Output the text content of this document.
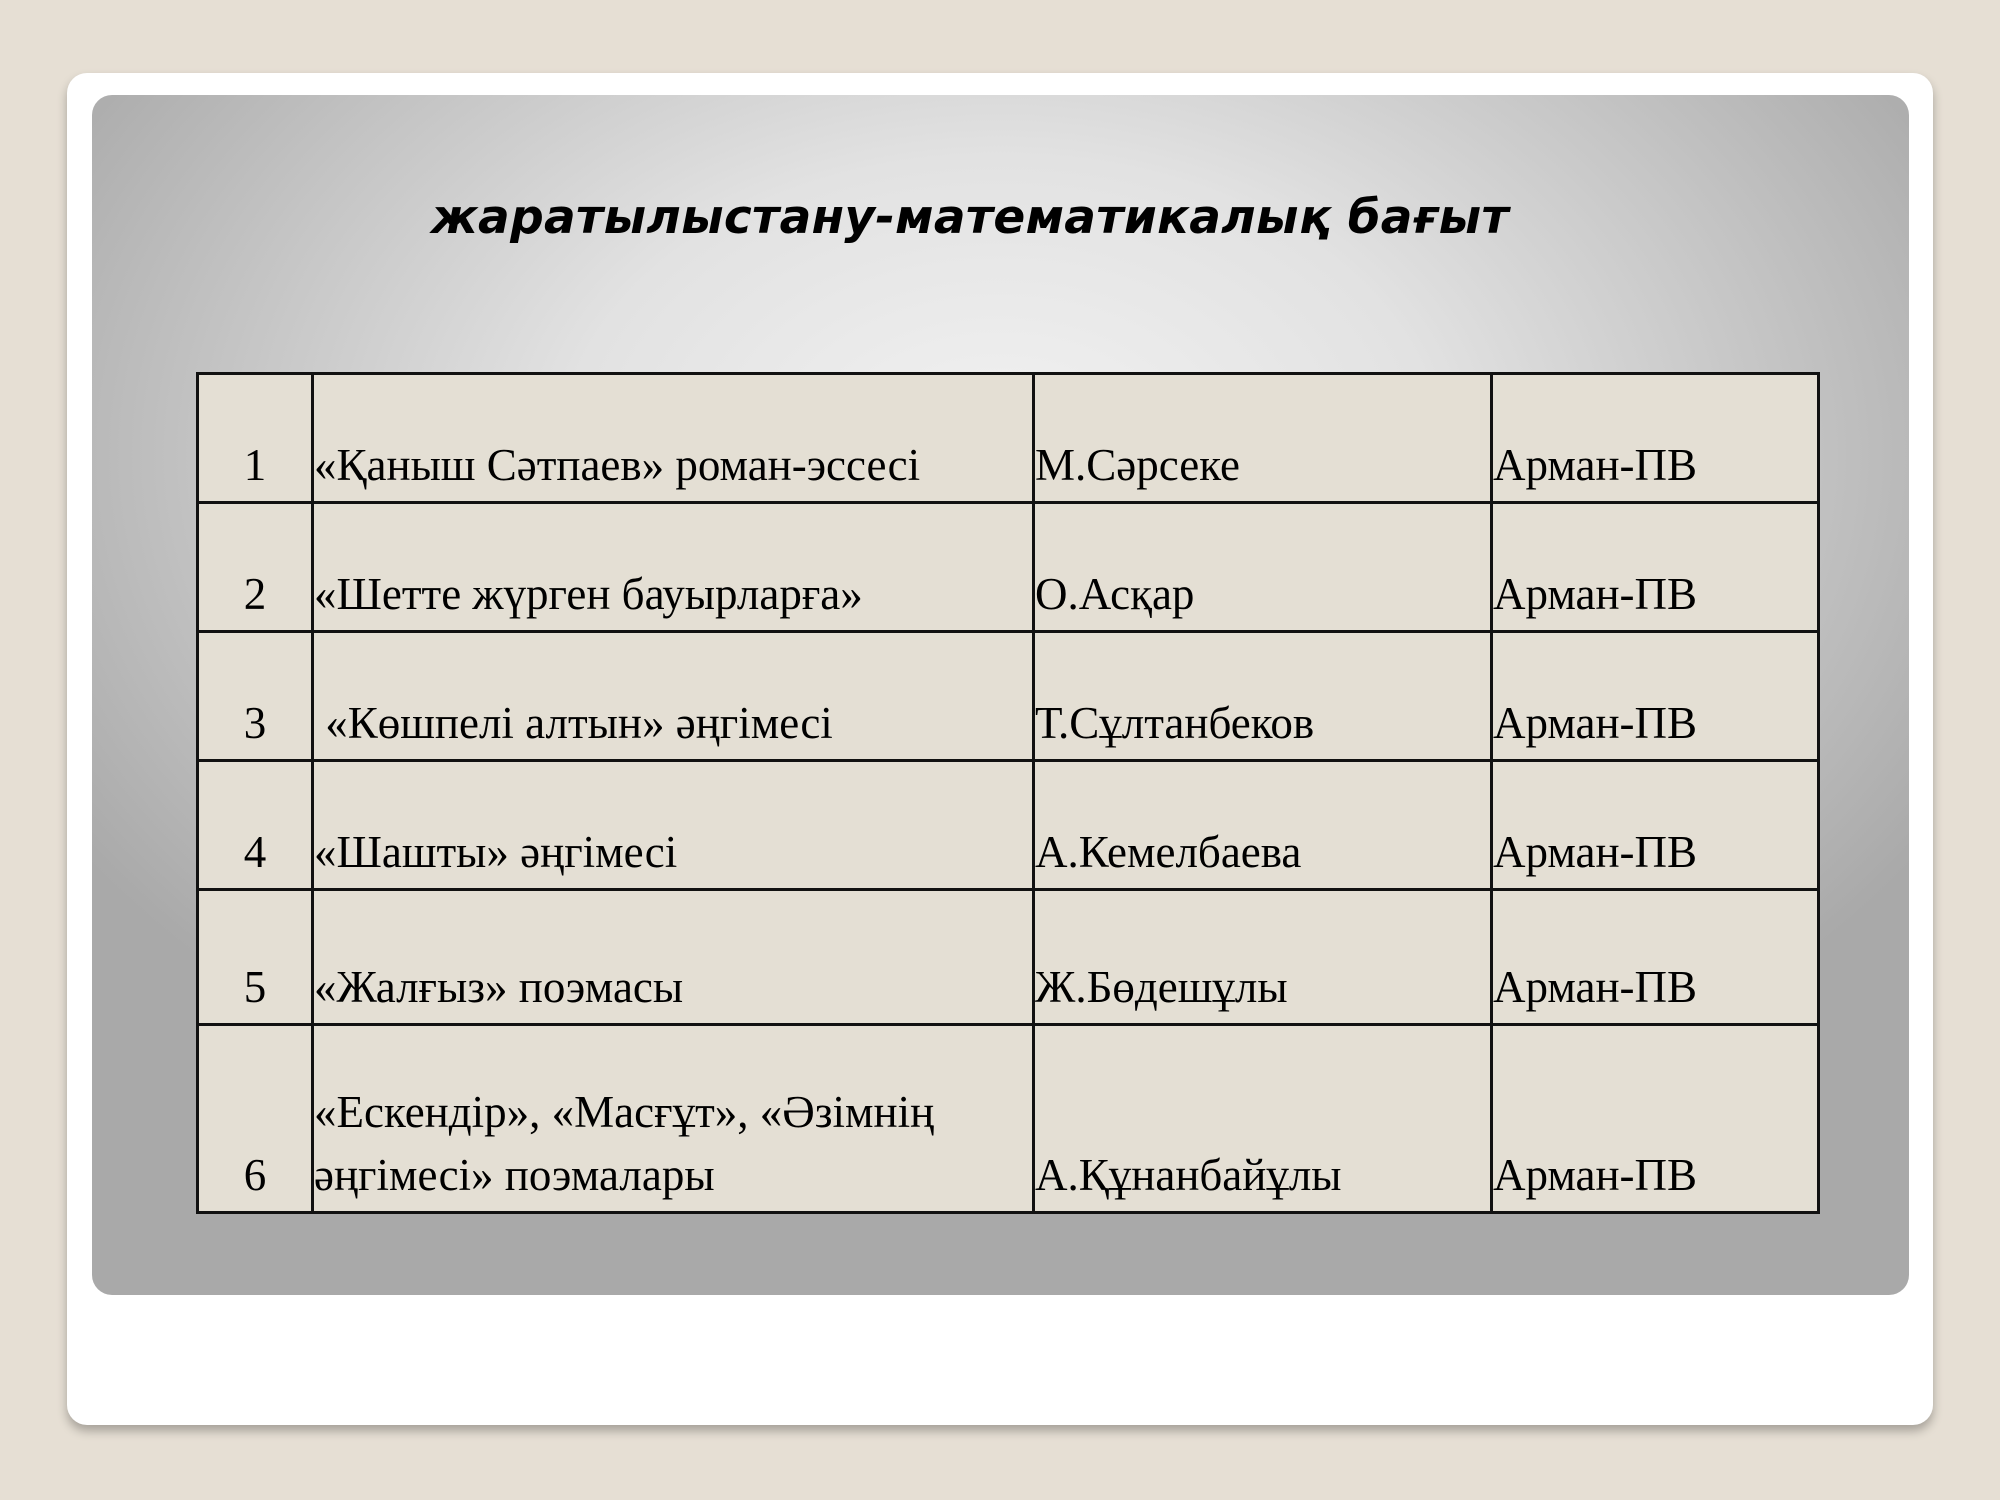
жаратылыстану-математикалық бағыт
1	«Қаныш Сәтпаев» роман-эссесі	М.Сәрсеке	Арман-ПВ
2	«Шетте жүрген бауырларға»	О.Асқар	Арман-ПВ
3	«Көшпелі алтын» әңгімесі	Т.Сұлтанбеков	Арман-ПВ
4	«Шашты» әңгімесі	А.Кемелбаева	Арман-ПВ
5	«Жалғыз» поэмасы	Ж.Бөдешұлы	Арман-ПВ
6	«Ескендір», «Масғұт», «Әзімнің әңгімесі» поэмалары	А.Құнанбайұлы	Арман-ПВ
